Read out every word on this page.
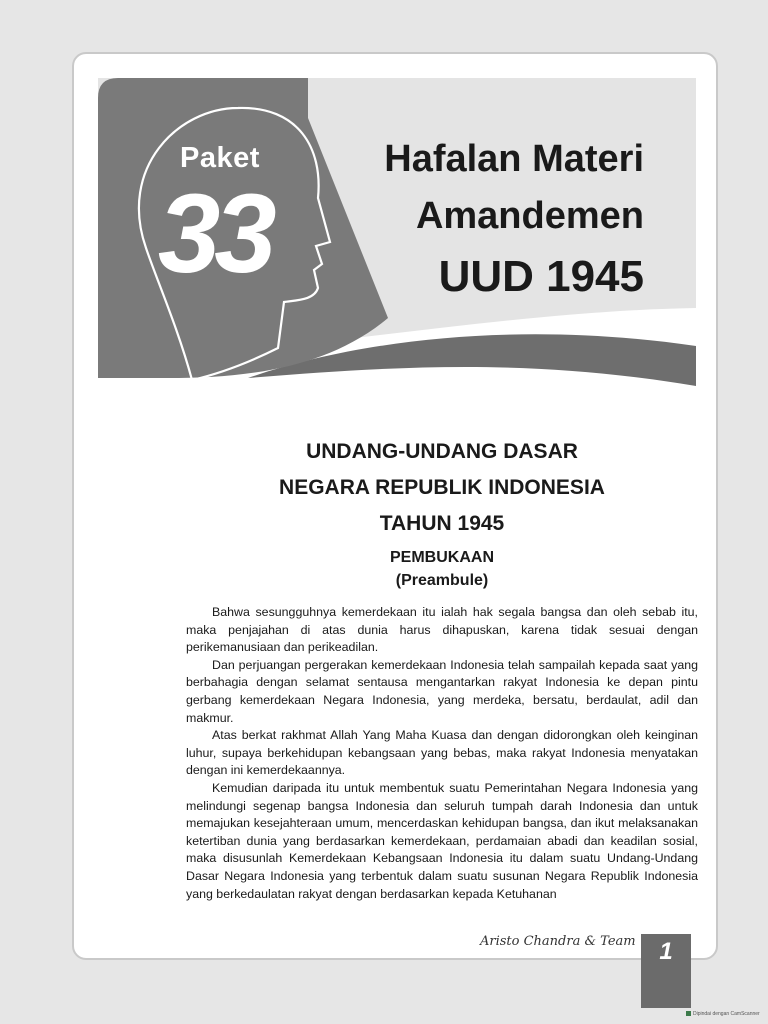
Paket
33
Hafalan Materi
Amandemen
UUD 1945
UNDANG-UNDANG DASAR
NEGARA REPUBLIK INDONESIA
TAHUN 1945
PEMBUKAAN
(Preambule)

Bahwa sesungguhnya kemerdekaan itu ialah hak segala bangsa dan oleh sebab itu, maka penjajahan di atas dunia harus dihapuskan, karena tidak sesuai dengan perikemanusiaan dan perikeadilan.

Dan perjuangan pergerakan kemerdekaan Indonesia telah sampailah kepada saat yang berbahagia dengan selamat sentausa mengantarkan rakyat Indonesia ke depan pintu gerbang kemerdekaan Negara Indonesia, yang merdeka, bersatu, berdaulat, adil dan makmur.

Atas berkat rakhmat Allah Yang Maha Kuasa dan dengan didorongkan oleh keinginan luhur, supaya berkehidupan kebangsaan yang bebas, maka rakyat Indonesia menyatakan dengan ini kemerdekaannya.

Kemudian daripada itu untuk membentuk suatu Pemerintahan Negara Indonesia yang melindungi segenap bangsa Indonesia dan seluruh tumpah darah Indonesia dan untuk memajukan kesejahteraan umum, mencerdaskan kehidupan bangsa, dan ikut melaksanakan ketertiban dunia yang berdasarkan kemerdekaan, perdamaian abadi dan keadilan sosial, maka disusunlah Kemerdekaan Kebangsaan Indonesia itu dalam suatu Undang-Undang Dasar Negara Indonesia yang terbentuk dalam suatu susunan Negara Republik Indonesia yang berkedaulatan rakyat dengan berdasarkan kepada Ketuhanan

Aristo Chandra & Team 1
Dipindai dengan CamScanner
